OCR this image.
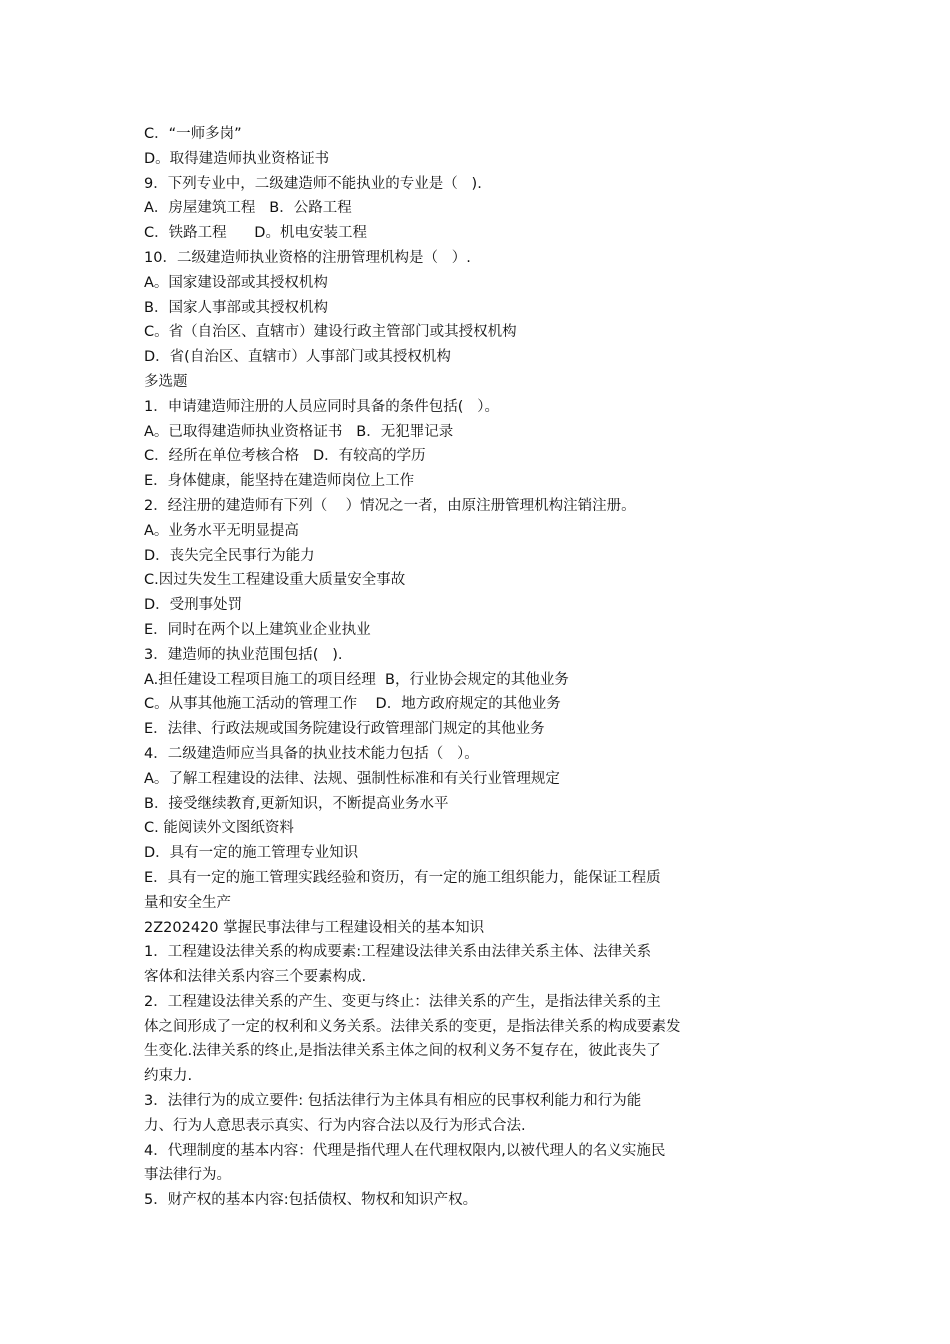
C．“一师多岗”
D。取得建造师执业资格证书
9．下列专业中，二级建造师不能执业的专业是（   ).
A．房屋建筑工程   B．公路工程
C．铁路工程      D。机电安装工程
10．二级建造师执业资格的注册管理机构是（   ）.
A。国家建设部或其授权机构
B．国家人事部或其授权机构
C。省（自治区、直辖市）建设行政主管部门或其授权机构
D．省(自治区、直辖市）人事部门或其授权机构
多选题
1．申请建造师注册的人员应同时具备的条件包括(   ）。
A。已取得建造师执业资格证书   B．无犯罪记录
C．经所在单位考核合格   D．有较高的学历
E．身体健康，能坚持在建造师岗位上工作
2．经注册的建造师有下列（    ）情况之一者，由原注册管理机构注销注册。
A。业务水平无明显提高
D．丧失完全民事行为能力
C.因过失发生工程建设重大质量安全事故
D．受刑事处罚
E．同时在两个以上建筑业企业执业
3．建造师的执业范围包括(   ).
A.担任建设工程项目施工的项目经理  B，行业协会规定的其他业务
C。从事其他施工活动的管理工作    D．地方政府规定的其他业务
E．法律、行政法规或国务院建设行政管理部门规定的其他业务
4．二级建造师应当具备的执业技术能力包括（   ）。
A。了解工程建设的法律、法规、强制性标准和有关行业管理规定
B．接受继续教育,更新知识，不断提高业务水平
C. 能阅读外文图纸资料
D．具有一定的施工管理专业知识
E．具有一定的施工管理实践经验和资历，有一定的施工组织能力，能保证工程质
量和安全生产
2Z202420 掌握民事法律与工程建设相关的基本知识
1．工程建设法律关系的构成要素:工程建设法律关系由法律关系主体、法律关系
客体和法律关系内容三个要素构成.
2．工程建设法律关系的产生、变更与终止：法律关系的产生，是指法律关系的主
体之间形成了一定的权利和义务关系。法律关系的变更，是指法律关系的构成要素发
生变化.法律关系的终止,是指法律关系主体之间的权利义务不复存在，彼此丧失了
约束力.
3．法律行为的成立要件: 包括法律行为主体具有相应的民事权利能力和行为能
力、行为人意思表示真实、行为内容合法以及行为形式合法.
4．代理制度的基本内容：代理是指代理人在代理权限内,以被代理人的名义实施民
事法律行为。
5．财产权的基本内容:包括债权、物权和知识产权。
